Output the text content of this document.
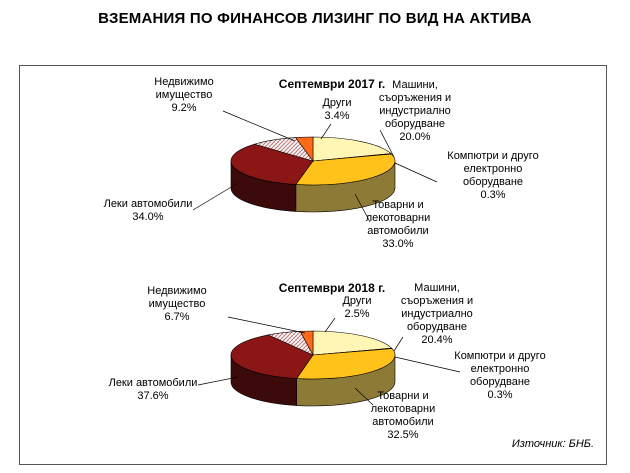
ВЗЕМАНИЯ ПО ФИНАНСОВ ЛИЗИНГ ПО ВИД НА АКТИВА
Септември 2017 г. Машини, съоръжения и индустриално оборудване 20.0%
Компютри и друго електронно оборудване 0.3%
Товарни и лекотоварни автомобили 33.0%
Леки автомобили 34.0%
Недвижимо имущество 9.2%	Други 3.4%
Септември 2018 г.	Машини, съоръжения и индустриално оборудване 20.4%
Компютри и друго електронно оборудване 0.3%
Товарни и лекотоварни автомобили 32.5%
Леки автомобили 37.6%
Недвижимо имущество 6.7%
Други 2.5%
Източник: БНБ.
